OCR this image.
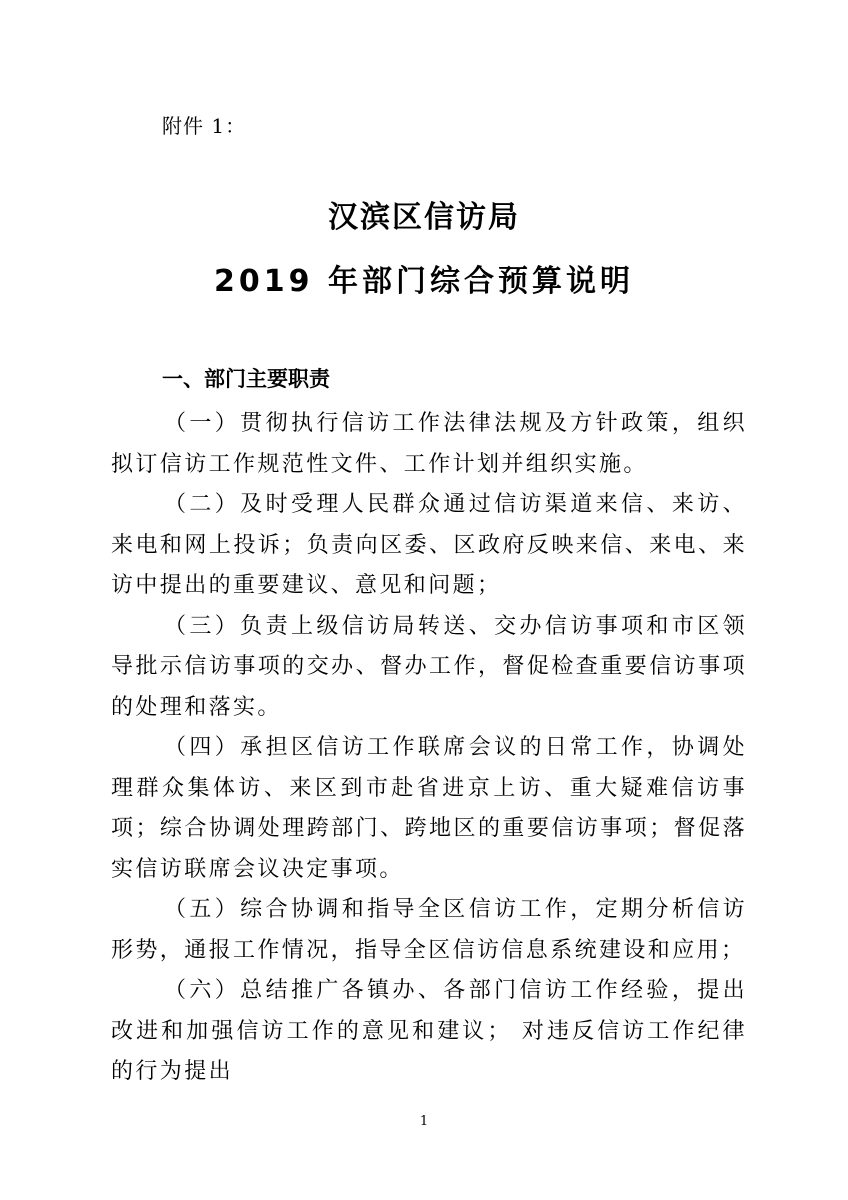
附件 1：
汉滨区信访局
2019 年部门综合预算说明
一、部门主要职责

（一）贯彻执行信访工作法律法规及方针政策，组织拟订信访工作规范性文件、工作计划并组织实施。

（二）及时受理人民群众通过信访渠道来信、来访、来电和网上投诉；负责向区委、区政府反映来信、来电、来访中提出的重要建议、意见和问题；

（三）负责上级信访局转送、交办信访事项和市区领导批示信访事项的交办、督办工作，督促检查重要信访事项的处理和落实。

（四）承担区信访工作联席会议的日常工作，协调处理群众集体访、来区到市赴省进京上访、重大疑难信访事项；综合协调处理跨部门、跨地区的重要信访事项；督促落实信访联席会议决定事项。

（五）综合协调和指导全区信访工作，定期分析信访形势，通报工作情况，指导全区信访信息系统建设和应用；

（六）总结推广各镇办、各部门信访工作经验，提出改进和加强信访工作的意见和建议； 对违反信访工作纪律的行为提出

1
